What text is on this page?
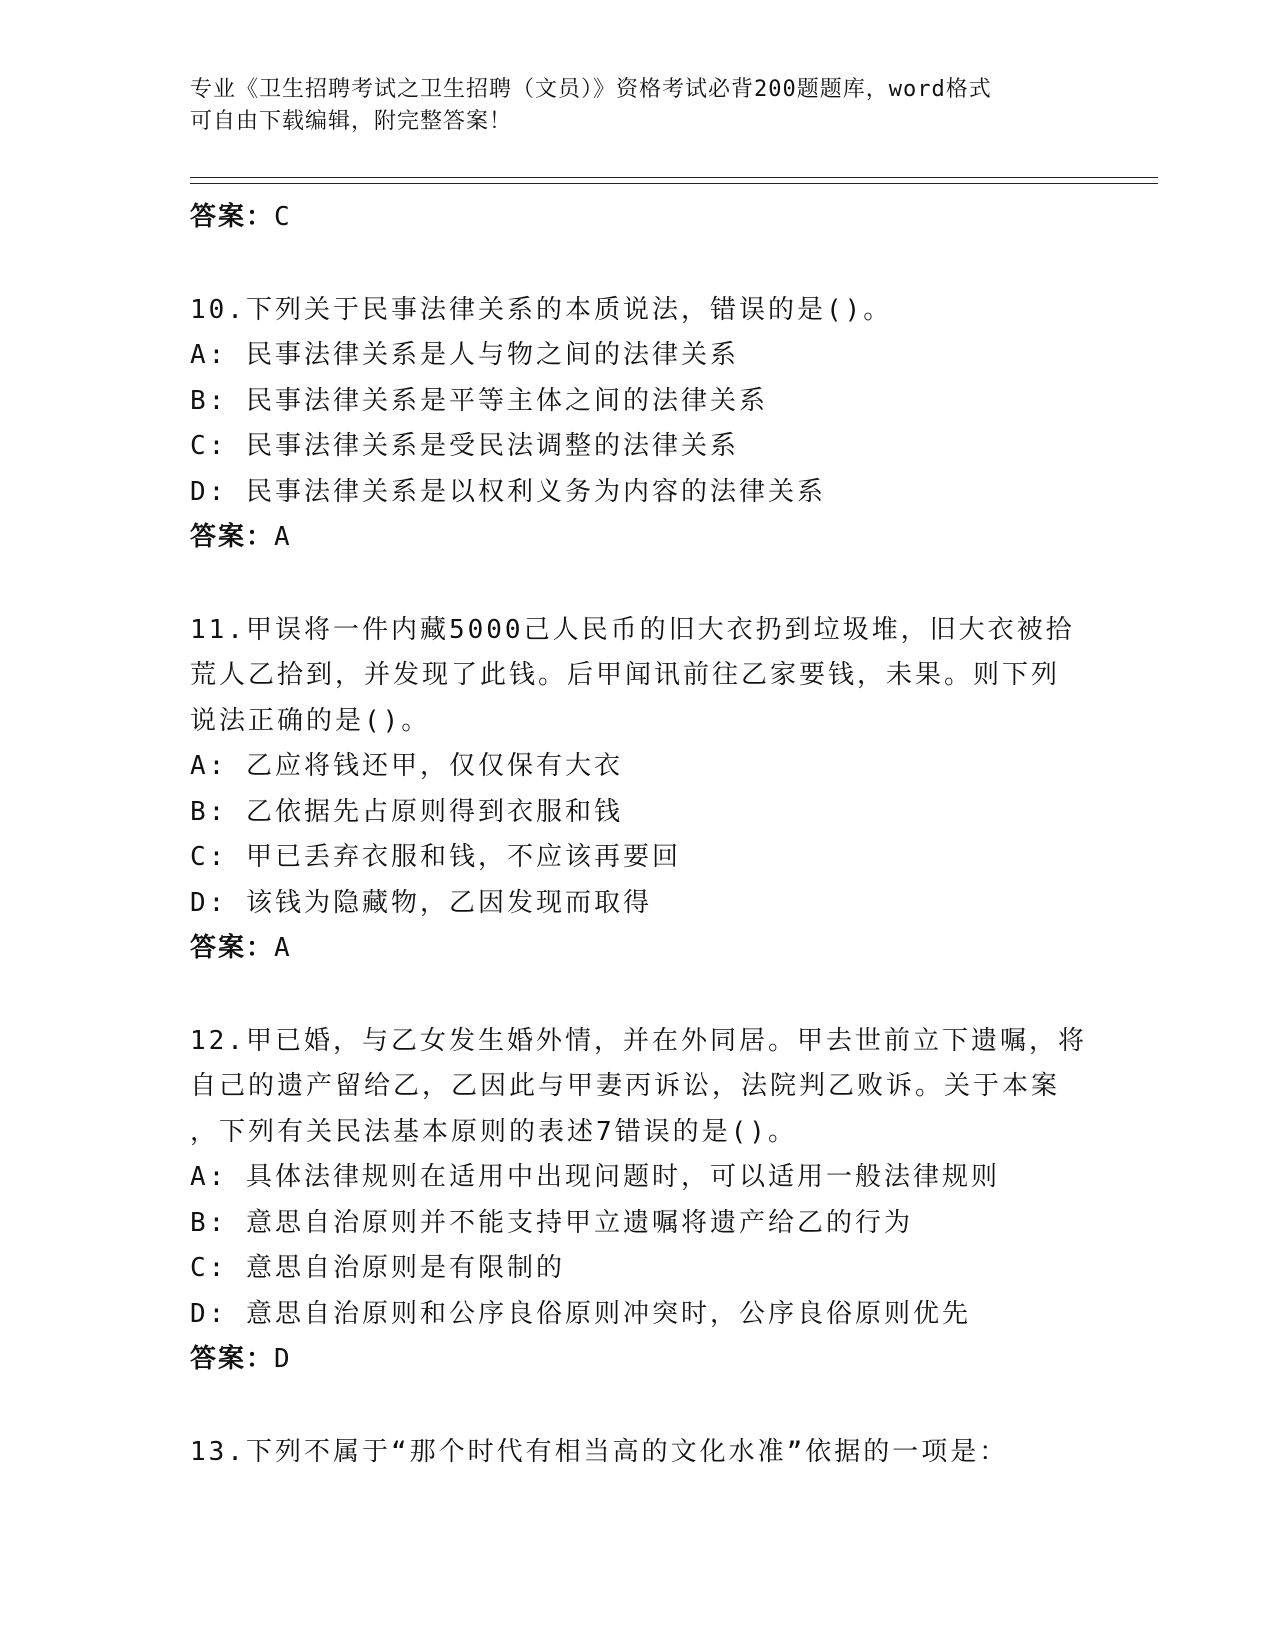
专业《卫生招聘考试之卫生招聘（文员）》资格考试必背200题题库，word格式
可自由下载编辑，附完整答案！
答案：C
10.下列关于民事法律关系的本质说法，错误的是()。
A: 民事法律关系是人与物之间的法律关系
B: 民事法律关系是平等主体之间的法律关系
C: 民事法律关系是受民法调整的法律关系
D: 民事法律关系是以权利义务为内容的法律关系
答案：A
11.甲误将一件内藏5000己人民币的旧大衣扔到垃圾堆，旧大衣被拾
荒人乙拾到，并发现了此钱。后甲闻讯前往乙家要钱，未果。则下列
说法正确的是()。
A: 乙应将钱还甲，仅仅保有大衣
B: 乙依据先占原则得到衣服和钱
C: 甲已丢弃衣服和钱，不应该再要回
D: 该钱为隐藏物，乙因发现而取得
答案：A
12.甲已婚，与乙女发生婚外情，并在外同居。甲去世前立下遗嘱，将
自己的遗产留给乙，乙因此与甲妻丙诉讼，法院判乙败诉。关于本案
，下列有关民法基本原则的表述7错误的是()。
A: 具体法律规则在适用中出现问题时，可以适用一般法律规则
B: 意思自治原则并不能支持甲立遗嘱将遗产给乙的行为
C: 意思自治原则是有限制的
D: 意思自治原则和公序良俗原则冲突时，公序良俗原则优先
答案：D
13.下列不属于“那个时代有相当高的文化水准”依据的一项是：
